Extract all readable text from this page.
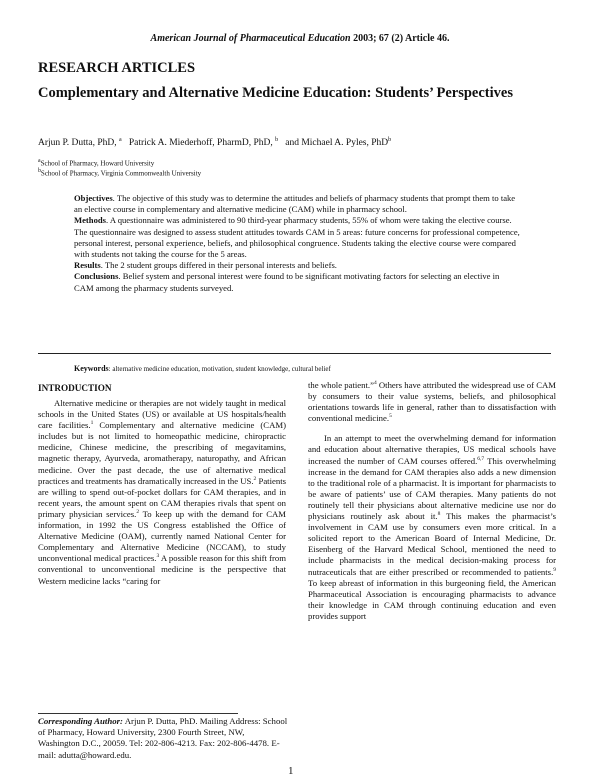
American Journal of Pharmaceutical Education 2003; 67 (2) Article 46.
RESEARCH ARTICLES
Complementary and Alternative Medicine Education: Students’ Perspectives
Arjun P. Dutta, PhD, $^a$ Patrick A. Miederhoff, PharmD, PhD, $^b$ and Michael A. Pyles, PhD$^b$
$^a$School of Pharmacy, Howard University
$^b$School of Pharmacy, Virginia Commonwealth University

Objectives. The objective of this study was to determine the attitudes and beliefs of pharmacy students that prompt them to take an elective course in complementary and alternative medicine (CAM) while in pharmacy school.

Methods. A questionnaire was administered to 90 third-year pharmacy students, 55% of whom were taking the elective course. The questionnaire was designed to assess student attitudes towards CAM in 5 areas: future concerns for professional competence, personal interest, personal experience, beliefs, and philosophical congruence. Students taking the elective course were compared with students not taking the course for the 5 areas.

Results. The 2 student groups differed in their personal interests and beliefs.

Conclusions. Belief system and personal interest were found to be significant motivating factors for selecting an elective in CAM among the pharmacy students surveyed.

Keywords: alternative medicine education, motivation, student knowledge, cultural belief
INTRODUCTION

Alternative medicine or therapies are not widely taught in medical schools in the United States (US) or available at US hospitals/health care facilities.$^1$ Complementary and alternative medicine (CAM) includes but is not limited to homeopathic medicine, chiropractic medicine, Chinese medicine, the prescribing of megavitamins, magnetic therapy, Ayurveda, aromatherapy, naturopathy, and African medicine. Over the past decade, the use of alternative medical practices and treatments has dramatically increased in the US.$^2$ Patients are willing to spend out-of-pocket dollars for CAM therapies, and in recent years, the amount spent on CAM therapies rivals that spent on primary physician services.$^2$ To keep up with the demand for CAM information, in 1992 the US Congress established the Office of Alternative Medicine (OAM), currently named National Center for Complementary and Alternative Medicine (NCCAM), to study unconventional medical practices.$^3$ A possible reason for this shift from conventional to unconventional medicine is the perspective that Western medicine lacks “caring for

the whole patient.”$^4$ Others have attributed the widespread use of CAM by consumers to their value systems, beliefs, and philosophical orientations towards life in general, rather than to dissatisfaction with conventional medicine.$^5$

In an attempt to meet the overwhelming demand for information and education about alternative therapies, US medical schools have increased the number of CAM courses offered.$^{6,7}$ This overwhelming increase in the demand for CAM therapies also adds a new dimension to the traditional role of a pharmacist. It is important for pharmacists to be aware of patients’ use of CAM therapies. Many patients do not routinely tell their physicians about alternative medicine use nor do physicians routinely ask about it.$^8$ This makes the pharmacist’s involvement in CAM use by consumers even more critical. In a solicited report to the American Board of Internal Medicine, Dr. Eisenberg of the Harvard Medical School, mentioned the need to include pharmacists in the medical decision-making process for nutraceuticals that are either prescribed or recommended to patients.$^9$ To keep abreast of information in this burgeoning field, the American Pharmaceutical Association is encouraging pharmacists to advance their knowledge in CAM through continuing education and even provides support

Corresponding Author: Arjun P. Dutta, PhD. Mailing Address: School of Pharmacy, Howard University, 2300 Fourth Street, NW, Washington D.C., 20059. Tel: 202-806-4213. Fax: 202-806-4478. E-mail: adutta@howard.edu.
1
